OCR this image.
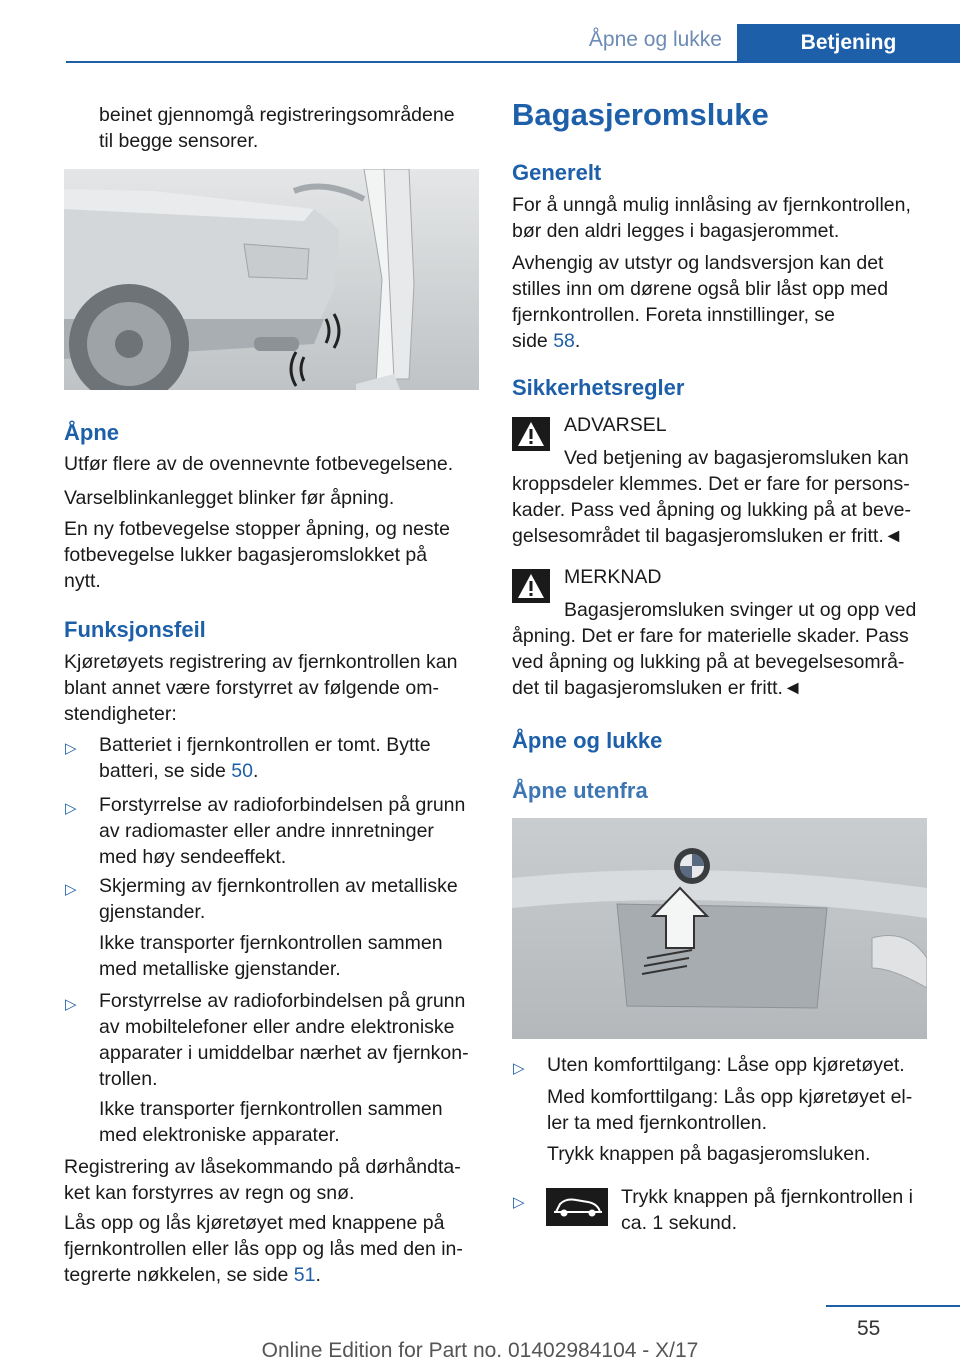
Åpne og lukke	Betjening

beinet gjennomgå registreringsområdene

til begge sensorer.

Åpne

Utfør flere av de ovennevnte fotbevegelsene.

Varselblinkanlegget blinker før åpning.

En ny fotbevegelse stopper åpning, og neste

fotbevegelse lukker bagasjeromslokket på

nytt.

Funksjonsfeil

Kjøretøyets registrering av fjernkontrollen kan

blant annet være forstyrret av følgende om-

stendigheter:

▷ Batteriet i fjernkontrollen er tomt. Bytte

batteri, se side 50.

▷ Forstyrrelse av radioforbindelsen på grunn

av radiomaster eller andre innretninger

med høy sendeeffekt.

▷ Skjerming av fjernkontrollen av metalliske

gjenstander.

Ikke transporter fjernkontrollen sammen

med metalliske gjenstander.

▷ Forstyrrelse av radioforbindelsen på grunn

av mobiltelefoner eller andre elektroniske

apparater i umiddelbar nærhet av fjernkon-

trollen.

Ikke transporter fjernkontrollen sammen

med elektroniske apparater.

Registrering av låsekommando på dørhåndta-

ket kan forstyrres av regn og snø.

Lås opp og lås kjøretøyet med knappene på

fjernkontrollen eller lås opp og lås med den in-

tegrerte nøkkelen, se side 51.

Bagasjeromsluke
Generelt

For å unngå mulig innlåsing av fjernkontrollen,

bør den aldri legges i bagasjerommet.

Avhengig av utstyr og landsversjon kan det

stilles inn om dørene også blir låst opp med

fjernkontrollen. Foreta innstillinger, se

side 58.

Sikkerhetsregler

ADVARSEL

Ved betjening av bagasjeromsluken kan

kroppsdeler klemmes. Det er fare for persons-

kader. Pass ved åpning og lukking på at beve-

gelsesområdet til bagasjeromsluken er fritt.◄

MERKNAD

Bagasjeromsluken svinger ut og opp ved

åpning. Det er fare for materielle skader. Pass

ved åpning og lukking på at bevegelsesområ-

det til bagasjeromsluken er fritt.◄

Åpne og lukke
Åpne utenfra
▷ Uten komforttilgang: Låse opp kjøretøyet.

Med komforttilgang: Lås opp kjøretøyet el-

ler ta med fjernkontrollen.

Trykk knappen på bagasjeromsluken.

▷	Trykk knappen på fjernkontrollen i

ca. 1 sekund.

55
Online Edition for Part no. 01402984104 - X/17
